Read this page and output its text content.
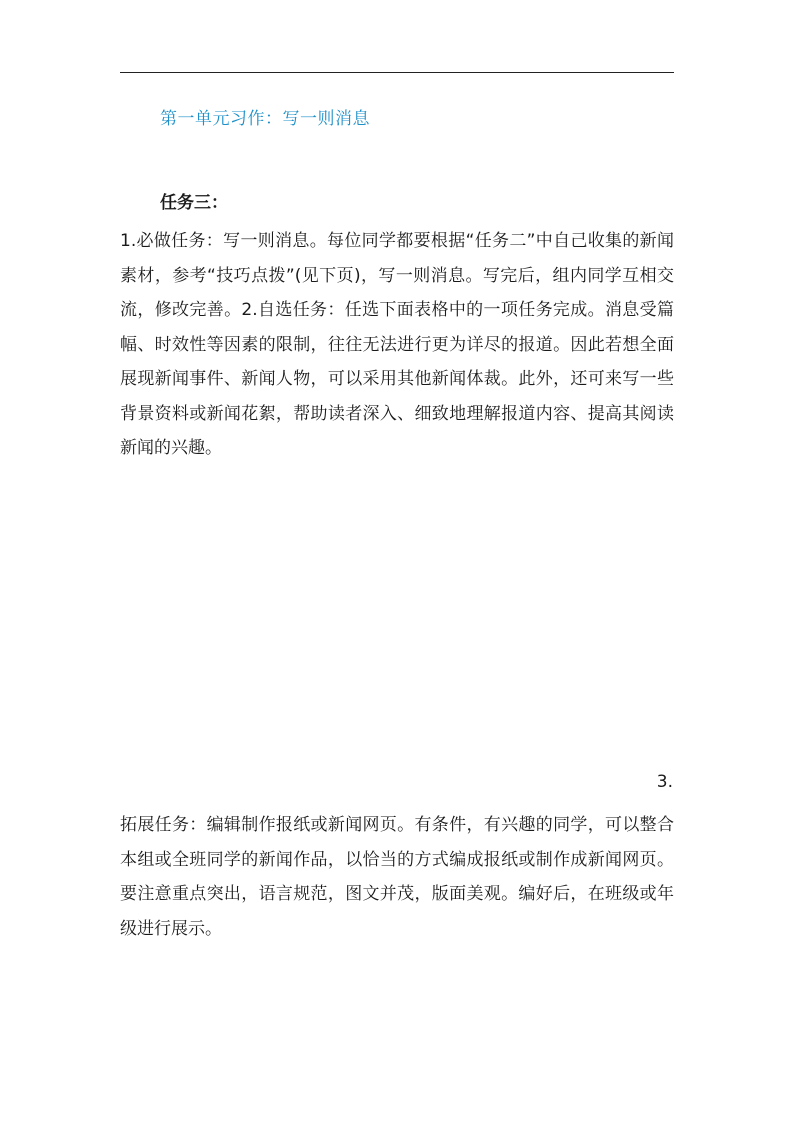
第一单元习作：写一则消息
任务三：
1.必做任务：写一则消息。每位同学都要根据“任务二”中自己收集的新闻素材，参考“技巧点拨”(见下页)，写一则消息。写完后，组内同学互相交流，修改完善。2.自选任务：任选下面表格中的一项任务完成。消息受篇幅、时效性等因素的限制，往往无法进行更为详尽的报道。因此若想全面展现新闻事件、新闻人物，可以采用其他新闻体裁。此外，还可来写一些背景资料或新闻花絮，帮助读者深入、细致地理解报道内容、提高其阅读新闻的兴趣。
3.
拓展任务：编辑制作报纸或新闻网页。有条件，有兴趣的同学，可以整合本组或全班同学的新闻作品，以恰当的方式编成报纸或制作成新闻网页。要注意重点突出，语言规范，图文并茂，版面美观。编好后，在班级或年级进行展示。
